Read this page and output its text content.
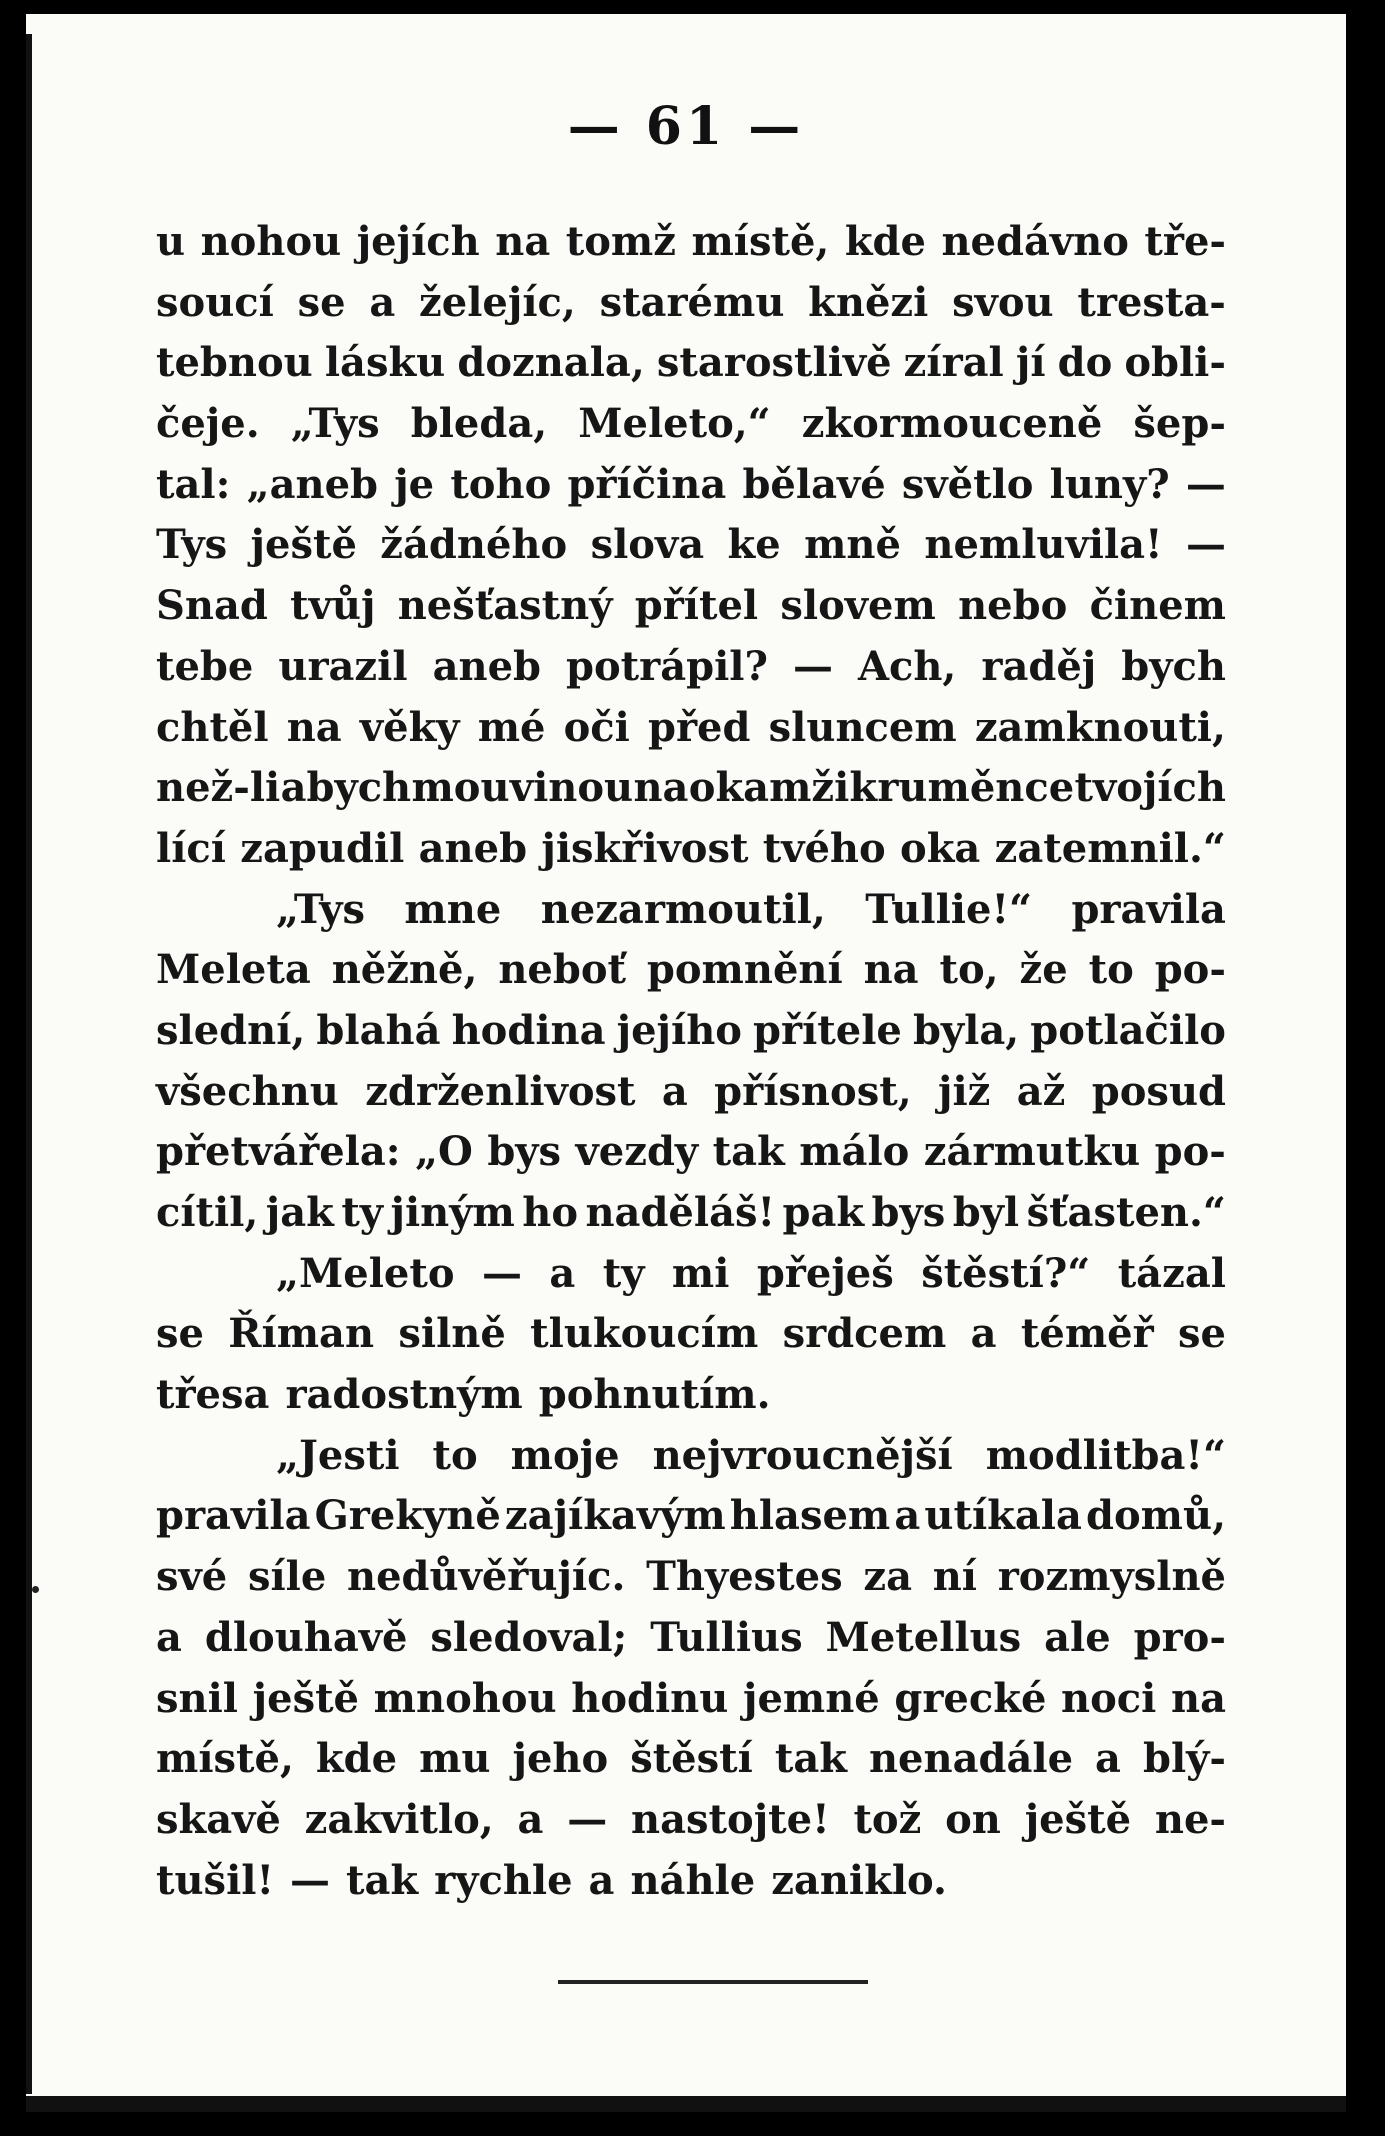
— 61 —
u nohou jejích na tomž místě, kde nedávno tře-
soucí se a želejíc, starému knězi svou tresta-
tebnou lásku doznala, starostlivě zíral jí do obli-
čeje. „Tys bleda, Meleto,“ zkormouceně šep-
tal: „aneb je toho příčina bělavé světlo luny? —
Tys ještě žádného slova ke mně nemluvila! —
Snad tvůj nešťastný přítel slovem nebo činem
tebe urazil aneb potrápil? — Ach, raděj bych
chtěl na věky mé oči před sluncem zamknouti,
než-li abych mou vinou na okamžik ruměnce tvojích
lící zapudil aneb jiskřivost tvého oka zatemnil.“
„Tys mne nezarmoutil, Tullie!“ pravila
Meleta něžně, neboť pomnění na to, že to po-
slední, blahá hodina jejího přítele byla, potlačilo
všechnu zdrženlivost a přísnost, již až posud
přetvářela: „O bys vezdy tak málo zármutku po-
cítil, jak ty jiným ho naděláš! pak bys byl šťasten.“
„Meleto — a ty mi přeješ štěstí?“ tázal
se Říman silně tlukoucím srdcem a téměř se
třesa radostným pohnutím.
„Jesti to moje nejvroucnější modlitba!“
pravila Grekyně zajíkavým hlasem a utíkala domů,
své síle nedůvěřujíc. Thyestes za ní rozmyslně
a dlouhavě sledoval; Tullius Metellus ale pro-
snil ještě mnohou hodinu jemné grecké noci na
místě, kde mu jeho štěstí tak nenadále a blý-
skavě zakvitlo, a — nastojte! tož on ještě ne-
tušil! — tak rychle a náhle zaniklo.
